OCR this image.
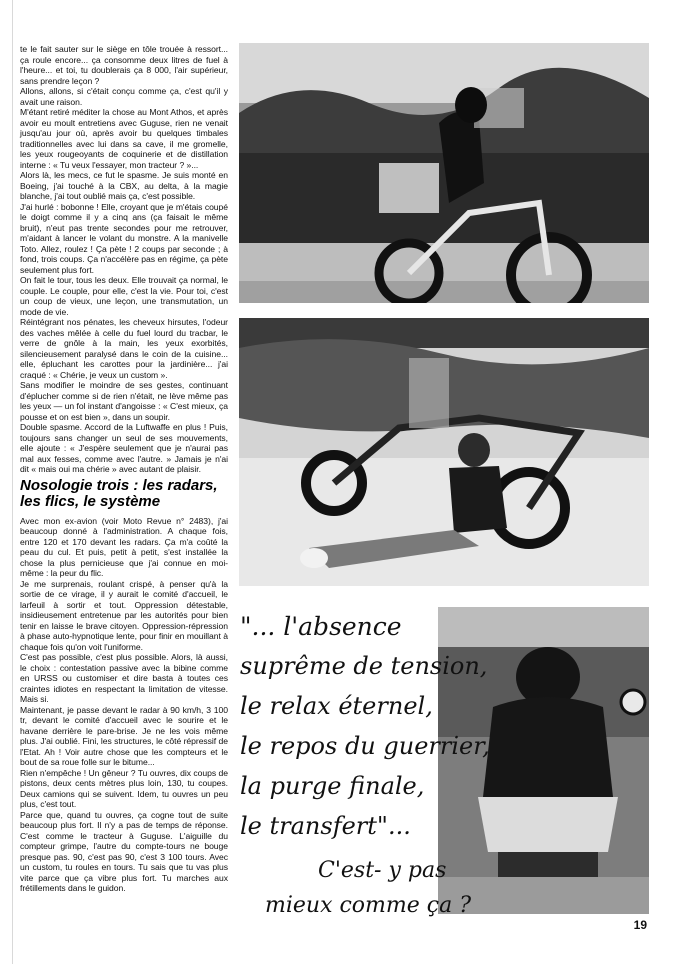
te le fait sauter sur le siège en tôle trouée à ressort... ça roule encore... ça consomme deux litres de fuel à l'heure... et toi, tu doublerais ça 8 000, l'air supérieur, sans prendre leçon ?

Allons, allons, si c'était conçu comme ça, c'est qu'il y avait une raison.

M'étant retiré méditer la chose au Mont Athos, et après avoir eu moult entretiens avec Guguse, rien ne venait jusqu'au jour où, après avoir bu quelques timbales traditionnelles avec lui dans sa cave, il me gromelle, les yeux rougeoyants de coquinerie et de distillation interne : « Tu veux l'essayer, mon tracteur ? »...

Alors là, les mecs, ce fut le spasme. Je suis monté en Boeing, j'ai touché à la CBX, au delta, à la magie blanche, j'ai tout oublié mais ça, c'est possible.

J'ai hurlé : bobonne ! Elle, croyant que je m'étais coupé le doigt comme il y a cinq ans (ça faisait le même bruit), n'eut pas trente secondes pour me retrouver, m'aidant à lancer le volant du monstre. A la manivelle Toto. Allez, roulez ! Ça pète ! 2 coups par seconde ; à fond, trois coups. Ça n'accélère pas en régime, ça pète seulement plus fort.

On fait le tour, tous les deux. Elle trouvait ça normal, le couple. Le couple, pour elle, c'est la vie. Pour toi, c'est un coup de vieux, une leçon, une transmutation, un mode de vie.

Réintégrant nos pénates, les cheveux hirsutes, l'odeur des vaches mêlée à celle du fuel lourd du tracbar, le verre de gnôle à la main, les yeux exorbités, silencieusement paralysé dans le coin de la cuisine... elle, épluchant les carottes pour la jardinière... j'ai craqué : « Chérie, je veux un custom ».

Sans modifier le moindre de ses gestes, continuant d'éplucher comme si de rien n'était, ne lève même pas les yeux — un fol instant d'angoisse : « C'est mieux, ça pousse et on est bien », dans un soupir.

Double spasme. Accord de la Luftwaffe en plus ! Puis, toujours sans changer un seul de ses mouvements, elle ajoute : « J'espère seulement que je n'aurai pas mal aux fesses, comme avec l'autre. » Jamais je n'ai dit « mais oui ma chérie » avec autant de plaisir.

Nosologie trois : les radars, les flics, le système

Avec mon ex-avion (voir Moto Revue n° 2483), j'ai beaucoup donné à l'administration. A chaque fois, entre 120 et 170 devant les radars. Ça m'a coûté la peau du cul. Et puis, petit à petit, s'est installée la chose la plus pernicieuse que j'ai connue en moi-même : la peur du flic.

Je me surprenais, roulant crispé, à penser qu'à la sortie de ce virage, il y aurait le comité d'accueil, le larfeuil à sortir et tout. Oppression détestable, insidieusement entretenue par les autorités pour bien tenir en laisse le brave citoyen. Oppression-répression à phase auto-hypnotique lente, pour finir en mouillant à chaque fois qu'on voit l'uniforme.

C'est pas possible, c'est plus possible. Alors, là aussi, le choix : contestation passive avec la bibine comme en URSS ou customiser et dire basta à toutes ces craintes idiotes en respectant la limitation de vitesse. Mais si.

Maintenant, je passe devant le radar à 90 km/h, 3 100 tr, devant le comité d'accueil avec le sourire et le havane derrière le pare-brise. Je ne les vois même plus. J'ai oublié. Fini, les structures, le côté répressif de l'Etat. Ah ! Voir autre chose que les compteurs et le bout de sa roue folle sur le bitume...

Rien n'empêche ! Un gêneur ? Tu ouvres, dix coups de pistons, deux cents mètres plus loin, 130, tu coupes. Deux camions qui se suivent. Idem, tu ouvres un peu plus, c'est tout.

Parce que, quand tu ouvres, ça cogne tout de suite beaucoup plus fort. Il n'y a pas de temps de réponse. C'est comme le tracteur à Guguse. L'aiguille du compteur grimpe, l'autre du compte-tours ne bouge presque pas. 90, c'est pas 90, c'est 3 100 tours. Avec un custom, tu roules en tours. Tu sais que tu vas plus vite parce que ça vibre plus fort. Tu marches aux frétillements dans le guidon.

"... l'absence
suprême de tension,
le relax éternel,
le repos du guerrier,
la purge finale,
le transfert"...
C'est- y pas
mieux comme ça ?
19
